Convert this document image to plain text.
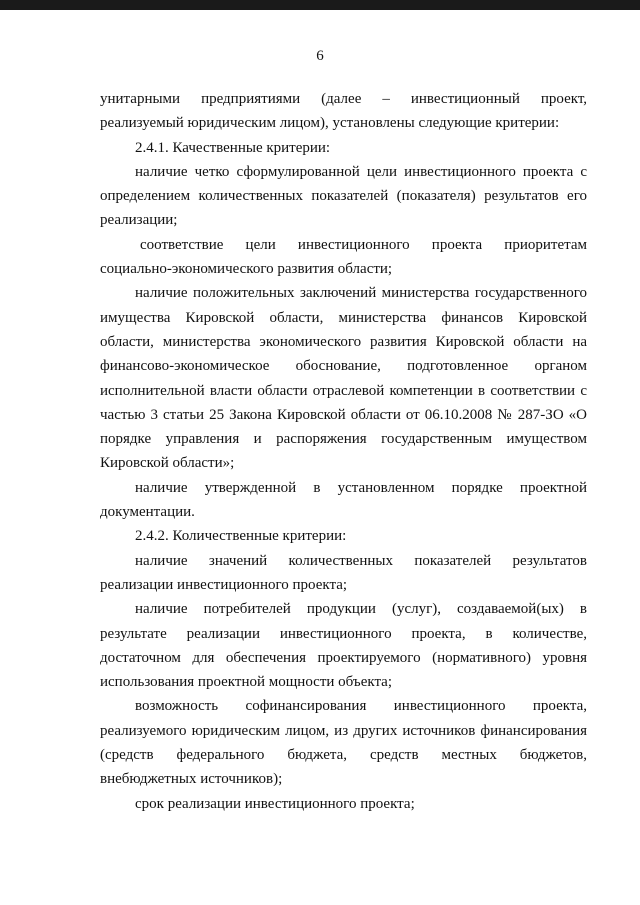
6

унитарными предприятиями (далее – инвестиционный проект, реализуемый юридическим лицом), установлены следующие критерии:

2.4.1. Качественные критерии:

наличие четко сформулированной цели инвестиционного проекта с определением количественных показателей (показателя) результатов его реализации;

соответствие цели инвестиционного проекта приоритетам социально-экономического развития области;

наличие положительных заключений министерства государственного имущества Кировской области, министерства финансов Кировской области, министерства экономического развития Кировской области на финансово-экономическое обоснование, подготовленное органом исполнительной власти области отраслевой компетенции в соответствии с частью 3 статьи 25 Закона Кировской области от 06.10.2008 № 287-ЗО «О порядке управления и распоряжения государственным имуществом Кировской области»;

наличие утвержденной в установленном порядке проектной документации.

2.4.2. Количественные критерии:

наличие значений количественных показателей результатов реализации инвестиционного проекта;

наличие потребителей продукции (услуг), создаваемой(ых) в результате реализации инвестиционного проекта, в количестве, достаточном для обеспечения проектируемого (нормативного) уровня использования проектной мощности объекта;

возможность софинансирования инвестиционного проекта, реализуемого юридическим лицом, из других источников финансирования (средств федерального бюджета, средств местных бюджетов, внебюджетных источников);

срок реализации инвестиционного проекта;
